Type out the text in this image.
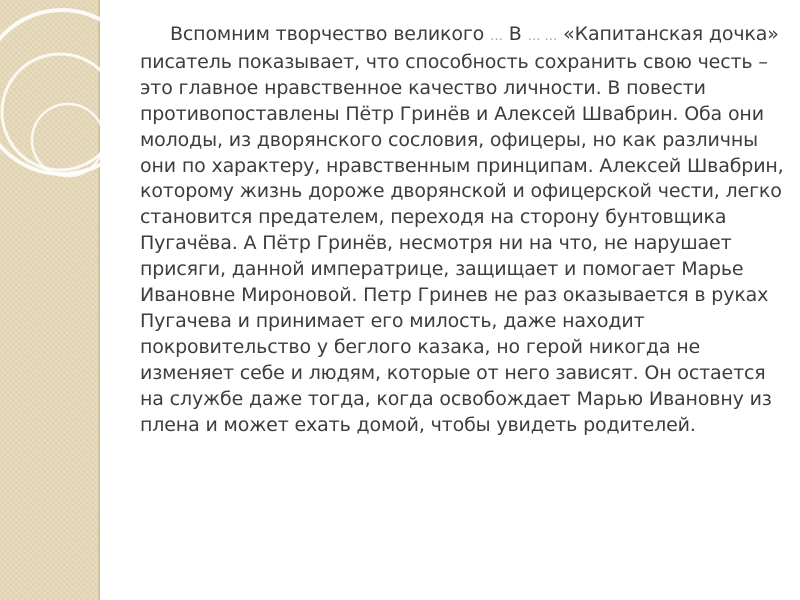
Вспомним творчество великого … В … … «Капитанская дочка» писатель показывает, что способность сохранить свою честь – это главное нравственное качество личности. В повести противопоставлены Пётр Гринёв и Алексей Швабрин. Оба они молоды, из дворянского сословия, офицеры, но как различны они по характеру, нравственным принципам. Алексей Швабрин, которому жизнь дороже дворянской и офицерской чести, легко становится предателем, переходя на сторону бунтовщика Пугачёва. А Пётр Гринёв, несмотря ни на что, не нарушает присяги, данной императрице, защищает и помогает Марье Ивановне Мироновой. Петр Гринев не раз оказывается в руках Пугачева и принимает его милость, даже находит покровительство у беглого казака, но герой никогда не изменяет себе и людям, которые от него зависят. Он остается на службе даже тогда, когда освобождает Марью Ивановну из плена и может ехать домой, чтобы увидеть родителей.
